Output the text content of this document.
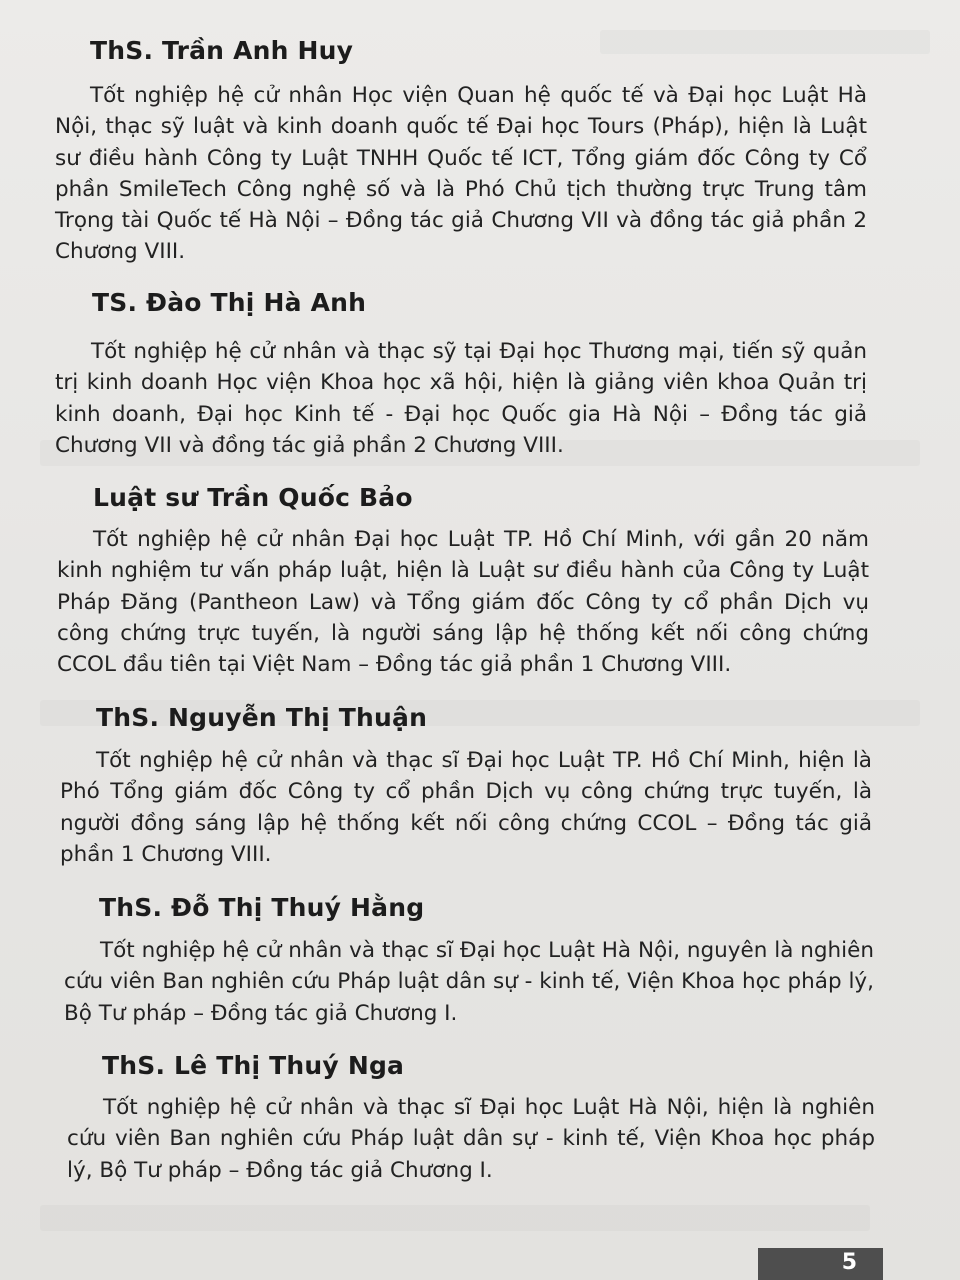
ThS. Trần Anh Huy
Tốt nghiệp hệ cử nhân Học viện Quan hệ quốc tế và Đại học Luật Hà Nội, thạc sỹ luật và kinh doanh quốc tế Đại học Tours (Pháp), hiện là Luật sư điều hành Công ty Luật TNHH Quốc tế ICT, Tổng giám đốc Công ty Cổ phần SmileTech Công nghệ số và là Phó Chủ tịch thường trực Trung tâm Trọng tài Quốc tế Hà Nội – Đồng tác giả Chương VII và đồng tác giả phần 2 Chương VIII.
TS. Đào Thị Hà Anh
Tốt nghiệp hệ cử nhân và thạc sỹ tại Đại học Thương mại, tiến sỹ quản trị kinh doanh Học viện Khoa học xã hội, hiện là giảng viên khoa Quản trị kinh doanh, Đại học Kinh tế - Đại học Quốc gia Hà Nội – Đồng tác giả Chương VII và đồng tác giả phần 2 Chương VIII.
Luật sư Trần Quốc Bảo
Tốt nghiệp hệ cử nhân Đại học Luật TP. Hồ Chí Minh, với gần 20 năm kinh nghiệm tư vấn pháp luật, hiện là Luật sư điều hành của Công ty Luật Pháp Đăng (Pantheon Law) và Tổng giám đốc Công ty cổ phần Dịch vụ công chứng trực tuyến, là người sáng lập hệ thống kết nối công chứng CCOL đầu tiên tại Việt Nam – Đồng tác giả phần 1 Chương VIII.
ThS. Nguyễn Thị Thuận
Tốt nghiệp hệ cử nhân và thạc sĩ Đại học Luật TP. Hồ Chí Minh, hiện là Phó Tổng giám đốc Công ty cổ phần Dịch vụ công chứng trực tuyến, là người đồng sáng lập hệ thống kết nối công chứng CCOL – Đồng tác giả phần 1 Chương VIII.
ThS. Đỗ Thị Thuý Hằng
Tốt nghiệp hệ cử nhân và thạc sĩ Đại học Luật Hà Nội, nguyên là nghiên cứu viên Ban nghiên cứu Pháp luật dân sự - kinh tế, Viện Khoa học pháp lý, Bộ Tư pháp – Đồng tác giả Chương I.
ThS. Lê Thị Thuý Nga
Tốt nghiệp hệ cử nhân và thạc sĩ Đại học Luật Hà Nội, hiện là nghiên cứu viên Ban nghiên cứu Pháp luật dân sự - kinh tế, Viện Khoa học pháp lý, Bộ Tư pháp – Đồng tác giả Chương I.
5
